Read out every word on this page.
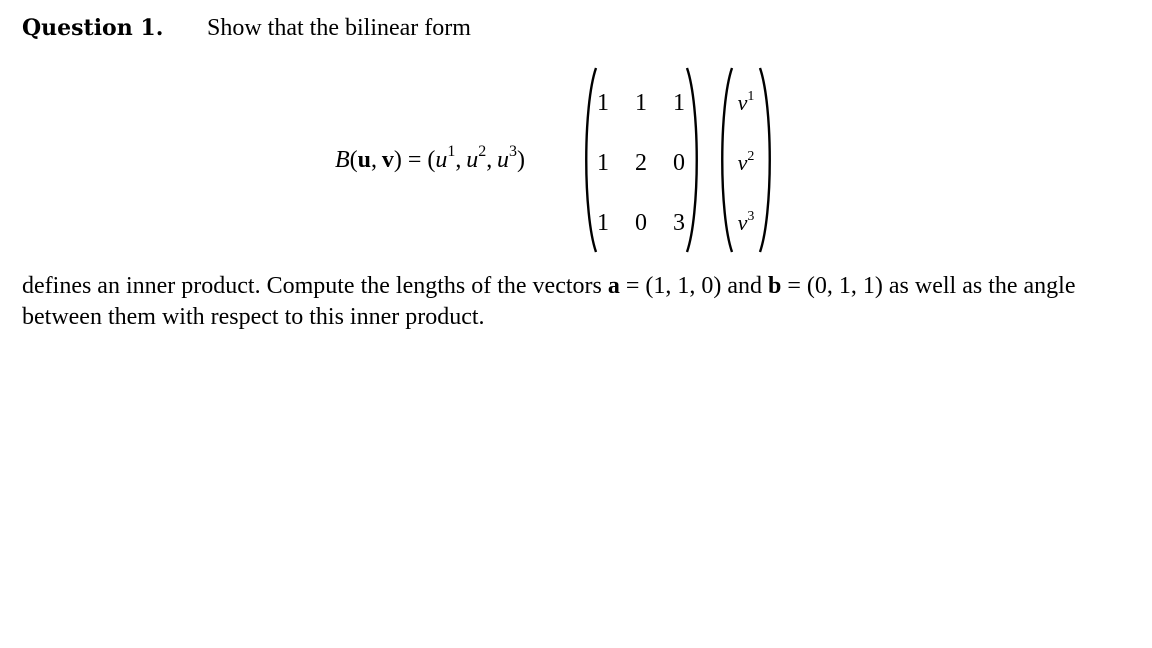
Question 1. Show that the bilinear form
B(u,  $v) = (u^1$, $u^2$, $u^3$)
1 1 1
1 2 0
1 0 3
$v^1$
$v^2$
$v^3$
defines an inner product. Compute the lengths of the vectors a = (1, 1, 0) and b = (0, 1, 1) as well as the angle between them with respect to this inner product.
